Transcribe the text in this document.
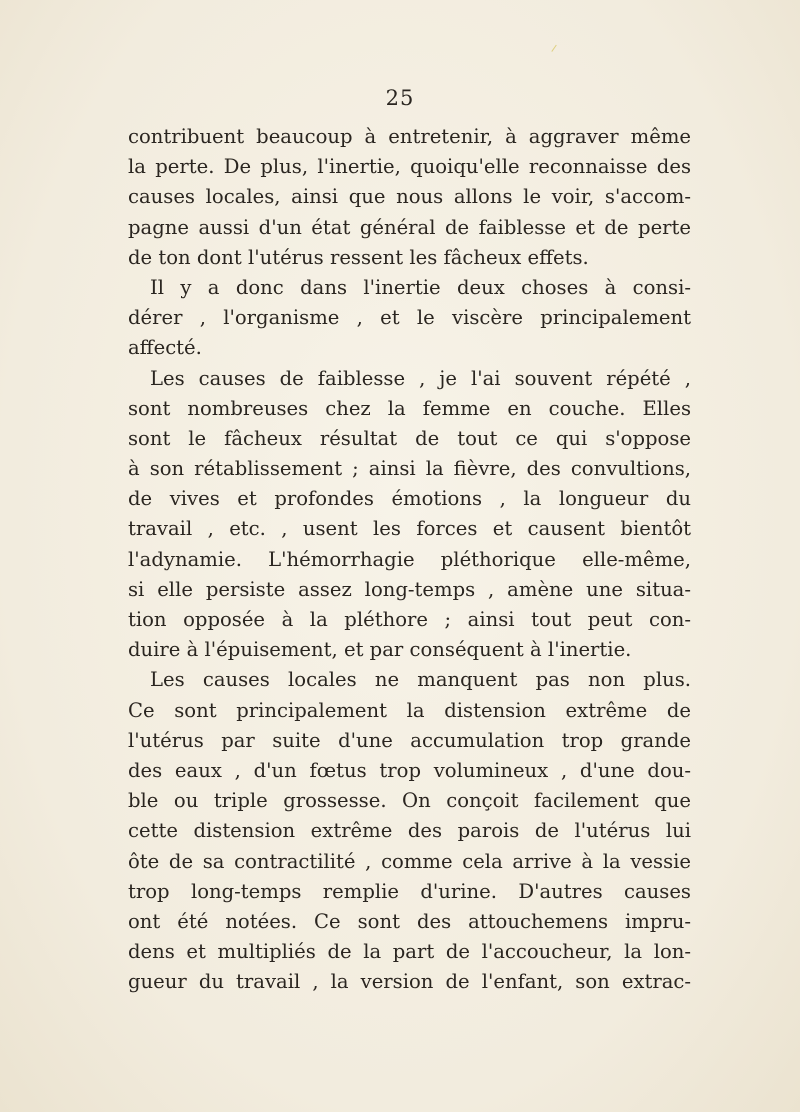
25
contribuent beaucoup à entretenir, à aggraver même
la perte. De plus, l'inertie, quoiqu'elle reconnaisse des
causes locales, ainsi que nous allons le voir, s'accom-
pagne aussi d'un état général de faiblesse et de perte
de ton dont l'utérus ressent les fâcheux effets.
Il y a donc dans l'inertie deux choses à consi-
dérer , l'organisme , et le viscère principalement
affecté.
Les causes de faiblesse , je l'ai souvent répété ,
sont nombreuses chez la femme en couche. Elles
sont le fâcheux résultat de tout ce qui s'oppose
à son rétablissement ; ainsi la fièvre, des convultions,
de vives et profondes émotions , la longueur du
travail , etc. , usent les forces et causent bientôt
l'adynamie. L'hémorrhagie pléthorique elle-même,
si elle persiste assez long-temps , amène une situa-
tion opposée à la pléthore ; ainsi tout peut con-
duire à l'épuisement, et par conséquent à l'inertie.
Les causes locales ne manquent pas non plus.
Ce sont principalement la distension extrême de
l'utérus par suite d'une accumulation trop grande
des eaux , d'un fœtus trop volumineux , d'une dou-
ble ou triple grossesse. On conçoit facilement que
cette distension extrême des parois de l'utérus lui
ôte de sa contractilité , comme cela arrive à la vessie
trop long-temps remplie d'urine. D'autres causes
ont été notées. Ce sont des attouchemens impru-
dens et multipliés de la part de l'accoucheur, la lon-
gueur du travail , la version de l'enfant, son extrac-
